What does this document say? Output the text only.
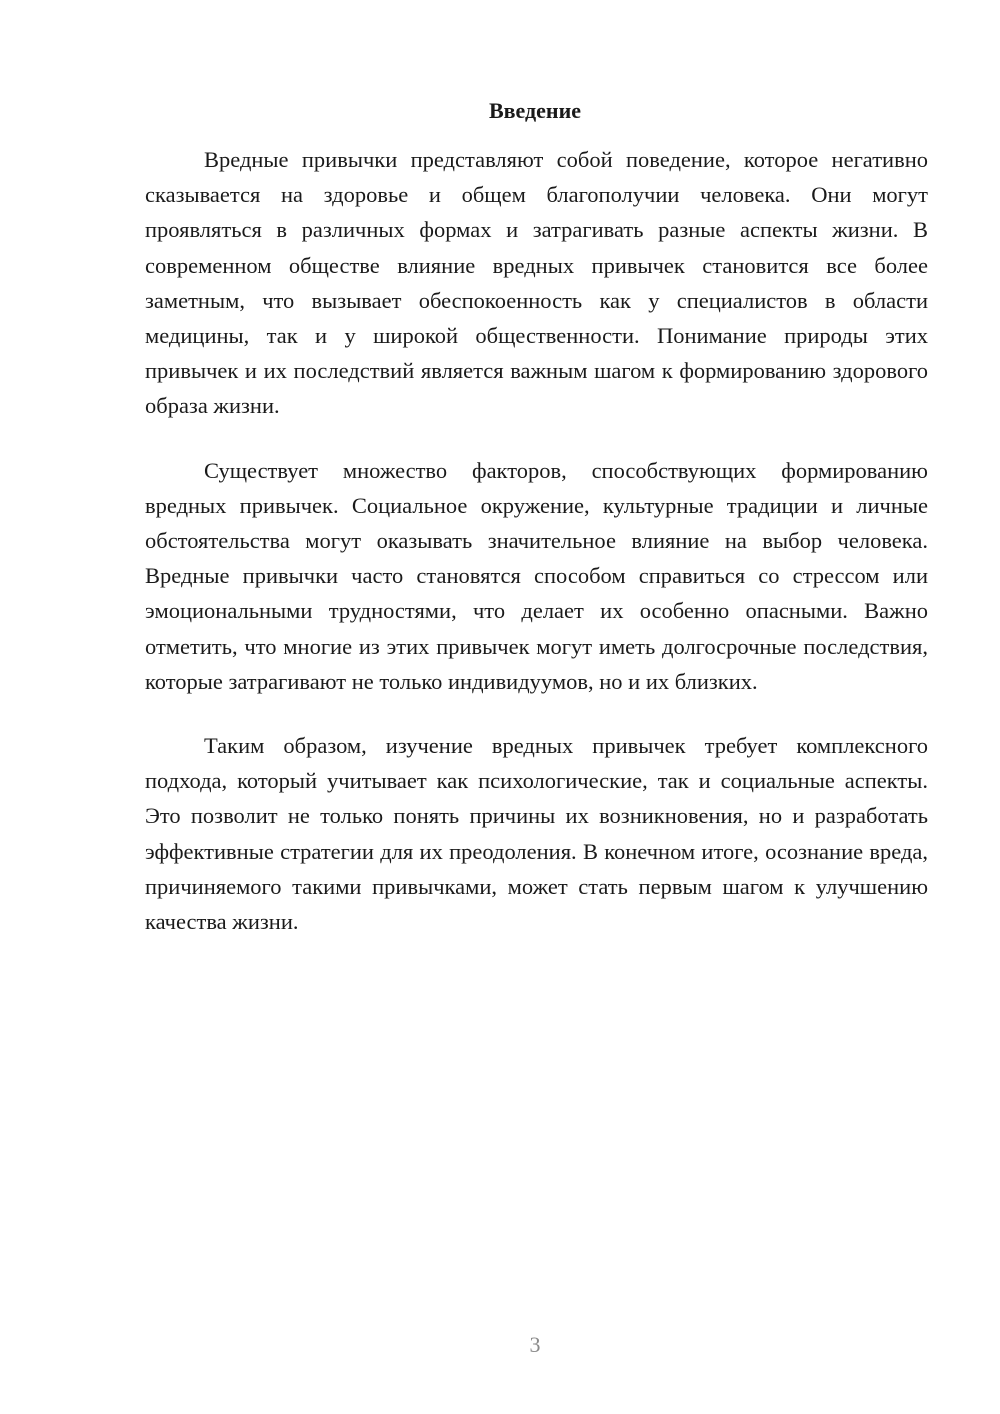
Введение

Вредные привычки представляют собой поведение, которое негативно сказывается на здоровье и общем благополучии человека. Они могут проявляться в различных формах и затрагивать разные аспекты жизни. В современном обществе влияние вредных привычек становится все более заметным, что вызывает обеспокоенность как у специалистов в области медицины, так и у широкой общественности. Понимание природы этих привычек и их последствий является важным шагом к формированию здорового образа жизни.

Существует множество факторов, способствующих формированию вредных привычек. Социальное окружение, культурные традиции и личные обстоятельства могут оказывать значительное влияние на выбор человека. Вредные привычки часто становятся способом справиться со стрессом или эмоциональными трудностями, что делает их особенно опасными. Важно отметить, что многие из этих привычек могут иметь долгосрочные последствия, которые затрагивают не только индивидуумов, но и их близких.

Таким образом, изучение вредных привычек требует комплексного подхода, который учитывает как психологические, так и социальные аспекты. Это позволит не только понять причины их возникновения, но и разработать эффективные стратегии для их преодоления. В конечном итоге, осознание вреда, причиняемого такими привычками, может стать первым шагом к улучшению качества жизни.

3
